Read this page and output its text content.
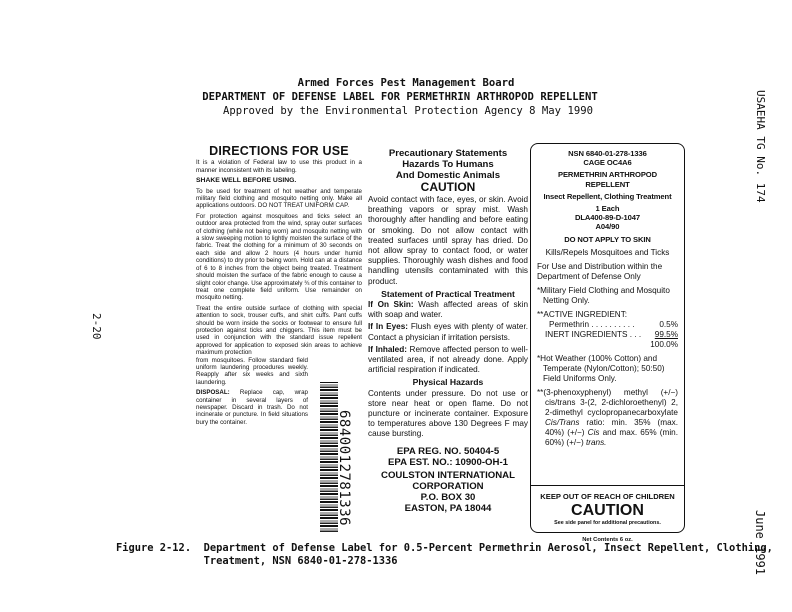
Armed Forces Pest Management Board
DEPARTMENT OF DEFENSE LABEL FOR PERMETHRIN ARTHROPOD REPELLENT
Approved by the Environmental Protection Agency 8 May 1990	USAEHA TG No. 174
June 1991
2-20
DIRECTIONS FOR USE

It is a violation of Federal law to use this product in a manner inconsistent with its labeling.

SHAKE WELL BEFORE USING.

To be used for treatment of hot weather and temperate military field clothing and mosquito netting only. Make all applications outdoors. DO NOT TREAT UNIFORM CAP.

For protection against mosquitoes and ticks select an outdoor area protected from the wind, spray outer surfaces of clothing (while not being worn) and mosquito netting with a slow sweeping motion to lightly moisten the surface of the fabric. Treat the clothing for a minimum of 30 seconds on each side and allow 2 hours (4 hours under humid conditions) to dry prior to being worn. Hold can at a distance of 6 to 8 inches from the object being treated. Treatment should moisten the surface of the fabric enough to cause a slight color change. Use approximately ¾ of this container to treat one complete field uniform. Use remainder on mosquito netting.

Treat the entire outside surface of clothing with special attention to sock, trouser cuffs, and shirt cuffs. Pant cuffs should be worn inside the socks or footwear to ensure full protection against ticks and chiggers. This item must be used in conjunction with the standard issue repellent approved for application to exposed skin areas to achieve maximum protection

from mosquitoes. Follow standard field uniform laundering procedures weekly. Reapply after six weeks and sixth laundering.

DISPOSAL: Replace cap, wrap container in several layers of newspaper. Discard in trash. Do not incinerate or puncture. In field situations bury the container.	6840012781336
Precautionary Statements
Hazards To Humans
And Domestic Animals
CAUTION

Avoid contact with face, eyes, or skin. Avoid breathing vapors or spray mist. Wash thoroughly after handling and before eating or smoking. Do not allow contact with treated surfaces until spray has dried. Do not allow spray to contact food, or water supplies. Thoroughly wash dishes and food handling utensils contaminated with this product.

Statement of Practical Treatment

If On Skin: Wash affected areas of skin with soap and water.

If In Eyes: Flush eyes with plenty of water. Contact a physician if irritation persists.

If Inhaled: Remove affected person to well-ventilated area, if not already done. Apply artificial respiration if indicated.

Physical Hazards

Contents under pressure. Do not use or store near heat or open flame. Do not puncture or incinerate container. Exposure to temperatures above 130 Degrees F may cause bursting.

EPA REG. NO. 50404-5
EPA EST. NO.: 10900-OH-1
COULSTON INTERNATIONAL
CORPORATION
P.O. BOX 30
EASTON, PA 18044
NSN 6840-01-278-1336
CAGE OC4A6
PERMETHRIN ARTHROPOD REPELLENT
Insect Repellent, Clothing Treatment
1 Each
DLA400-89-D-1047
A04/90
DO NOT APPLY TO SKIN

Kills/Repels Mosquitoes and Ticks

For Use and Distribution within the Department of Defense Only

*Military Field Clothing and Mosquito Netting Only.

**ACTIVE INGREDIENT:

Permethrin . . . . . . . . . .	0.5%
INERT INGREDIENTS . . . 99.5%
100.0%

*Hot Weather (100% Cotton) and Temperate (Nylon/Cotton); 50:50) Field Uniforms Only.

**(3-phenoxyphenyl) methyl (+/−) cis/trans 3-(2, 2-dichloroethenyl) 2, 2-dimethyl cyclopropanecarboxylate Cis/Trans ratio: min. 35% (max. 40%) (+/−) Cis and max. 65% (min. 60%) (+/−) trans.

KEEP OUT OF REACH OF CHILDREN
CAUTION
See side panel for additional precautions.
Net Contents 6 oz.
Figure 2-12.  Department of Defense Label for 0.5-Percent Permethrin Aerosol, Insect Repellent, Clothing,
Treatment, NSN 6840-01-278-1336
